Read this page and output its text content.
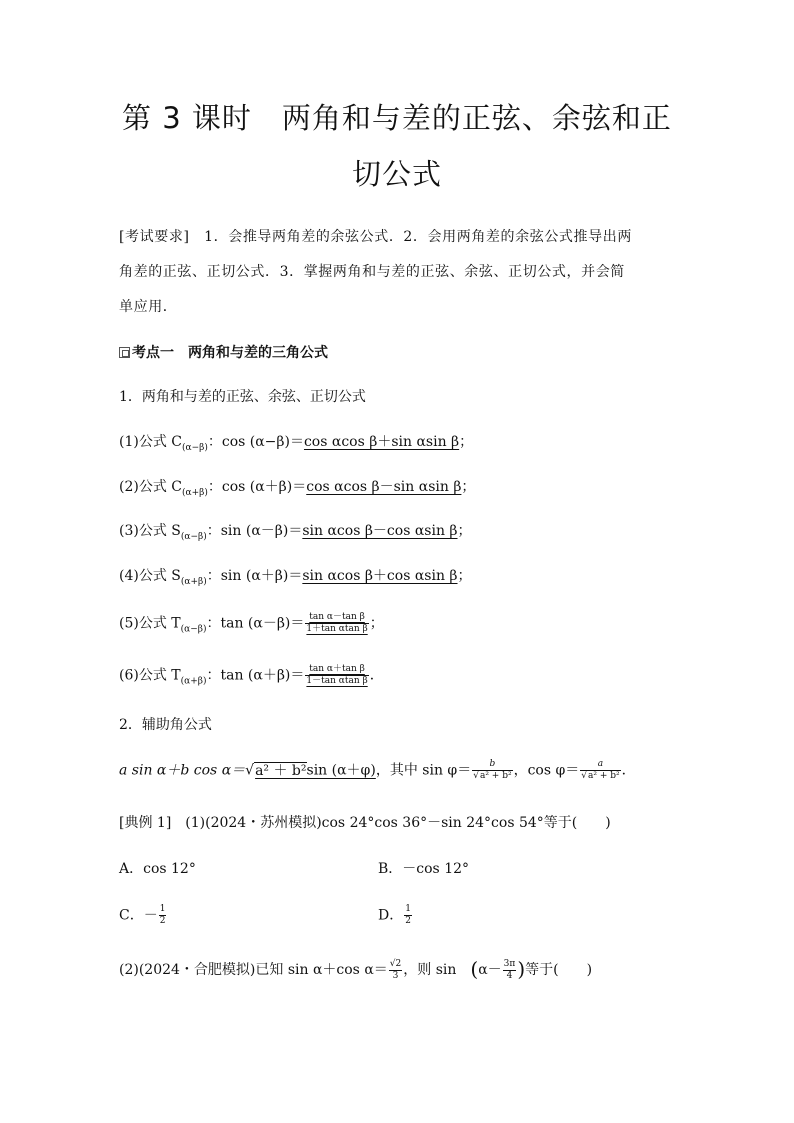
第 3 课时　两角和与差的正弦、余弦和正
切公式
[考试要求]　1．会推导两角差的余弦公式．2．会用两角差的余弦公式推导出两
角差的正弦、正切公式．3．掌握两角和与差的正弦、余弦、正切公式，并会简
单应用．
考点一　 两角和与差的三角公式
1．两角和与差的正弦、余弦、正切公式
(1)公式 $C_{(\alpha-\beta)}$：cos (α−β)＝cos αcos β＋sin αsin β；
(2)公式 $C_{(\alpha+\beta)}$：cos (α＋β)＝cos αcos β－sin αsin β；
(3)公式 $S_{(\alpha-\beta)}$：sin (α－β)＝sin αcos β－cos αsin β；
(4)公式 $S_{(\alpha+\beta)}$：sin (α＋β)＝sin αcos β＋cos αsin β；
(5)公式 $T_{(\alpha-\beta)}$：$\tan (\alpha-\beta)= \frac{\text{tan α－tan β}}{\text{1＋tan αtan β}}$ ；
(6)公式 $T_{(\alpha+\beta)}$：$\tan (\alpha+\beta)= \frac{\text{tan α＋tan β}}{\text{1－tan αtan β}}$ ．
2．辅助角公式
a sin α＋b cos α＝√a² ＋ b²sin (α＋φ)，其中 $\sin \varphi= \frac{b}{\text{√a² + b²}}$ ，$\cos \varphi= \frac{a}{\text{√a² + b²}}$ ．
[典例 1]　 (1)(2024・苏州模拟)cos 24°cos 36°－sin 24°cos 54°等于(　　)
A．cos 12°	B．－cos 12°
C．－ $\frac{1}{2}$	D． $\frac{1}{2}$
(2)(2024・合肥模拟)已知 sin α＋cos $\alpha= \frac{√2}{3}$ ，则 sin　 ($\alpha- \frac{3\pi}{4}$ )等于(　　)
